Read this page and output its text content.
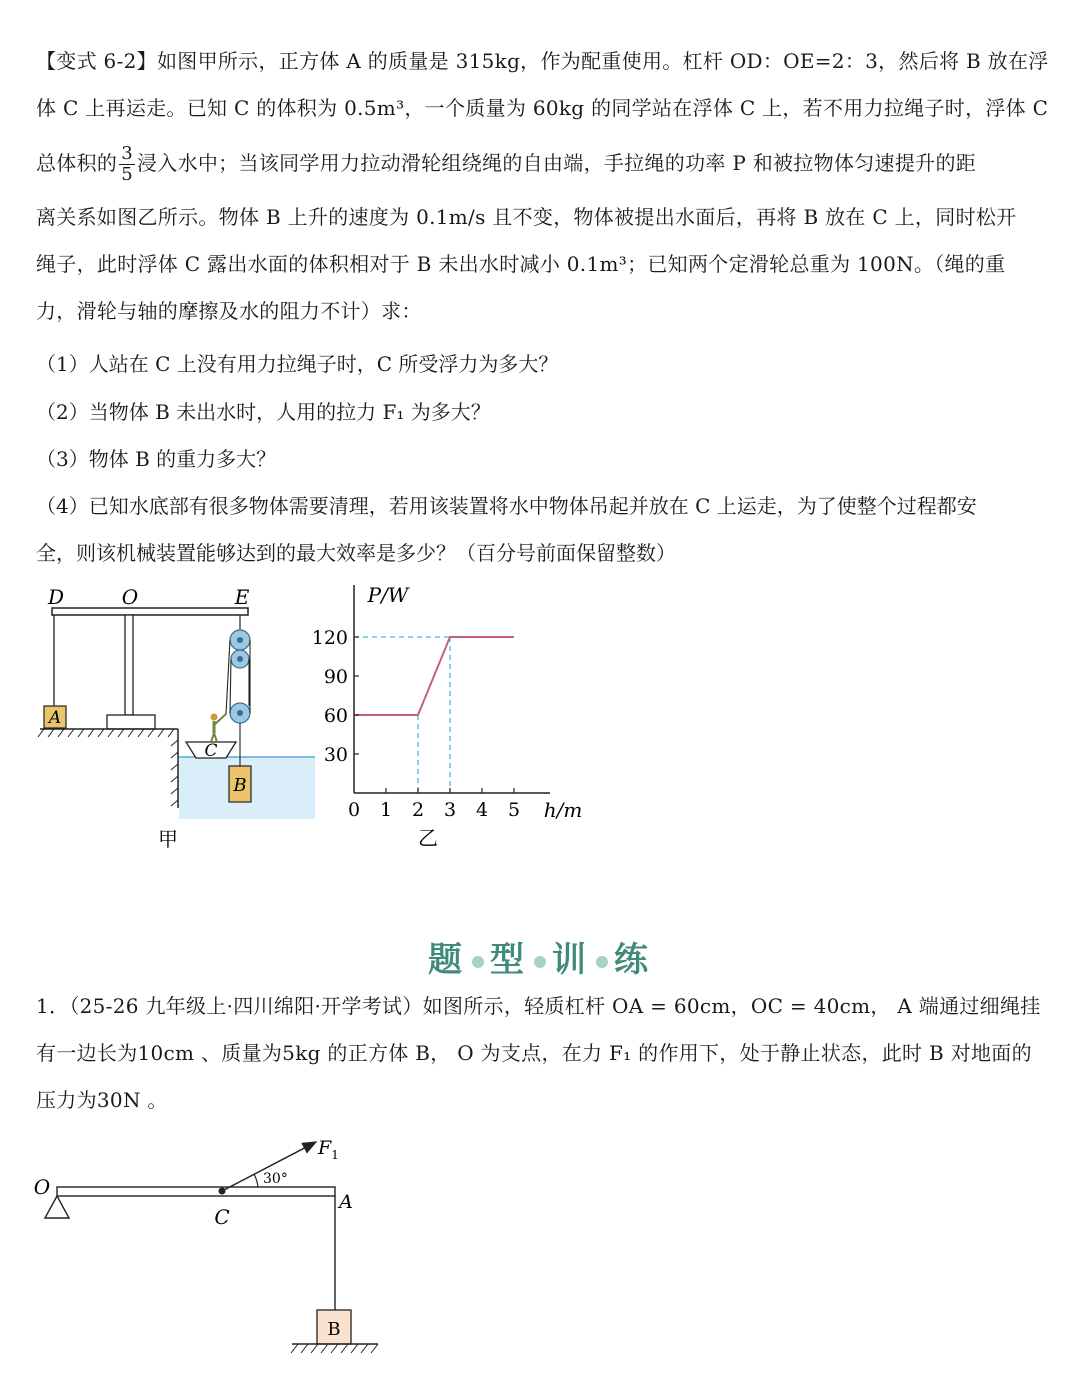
【变式 6-2】如图甲所示，正方体 A 的质量是 315kg，作为配重使用。杠杆 OD：OE=2：3，然后将 B 放在浮
体 C 上再运走。已知 C 的体积为 0.5m³，一个质量为 60kg 的同学站在浮体 C 上，若不用力拉绳子时，浮体 C
总体积的 $\frac{3}{5}$ 浸入水中；当该同学用力拉动滑轮组绕绳的自由端，手拉绳的功率 P 和被拉物体匀速提升的距
离关系如图乙所示。物体 B 上升的速度为 0.1m/s 且不变，物体被提出水面后，再将 B 放在 C 上，同时松开
绳子，此时浮体 C 露出水面的体积相对于 B 未出水时减小 0.1m³；已知两个定滑轮总重为 100N。（绳的重
力，滑轮与轴的摩擦及水的阻力不计）求：
（1）人站在 C 上没有用力拉绳子时，C 所受浮力为多大？
（2）当物体 B 未出水时，人用的拉力 F₁ 为多大？
（3）物体 B 的重力多大？
（4）已知水底部有很多物体需要清理，若用该装置将水中物体吊起并放在 C 上运走，为了使整个过程都安
全，则该机械装置能够达到的最大效率是多少？（百分号前面保留整数）
A
C
B
D	O	E
甲
0 1 2 3 4 5
30
60
90
120
P/W
h/m
乙
题 型 训 练
1．（25-26 九年级上·四川绵阳·开学考试）如图所示，轻质杠杆 OA = 60cm，OC = 40cm， A 端通过细绳挂
有一边长为10cm 、质量为5kg 的正方体 B， O 为支点，在力 F₁ 的作用下，处于静止状态，此时 B 对地面的
压力为30N 。
30°
$F_1$
B
O
C
A
